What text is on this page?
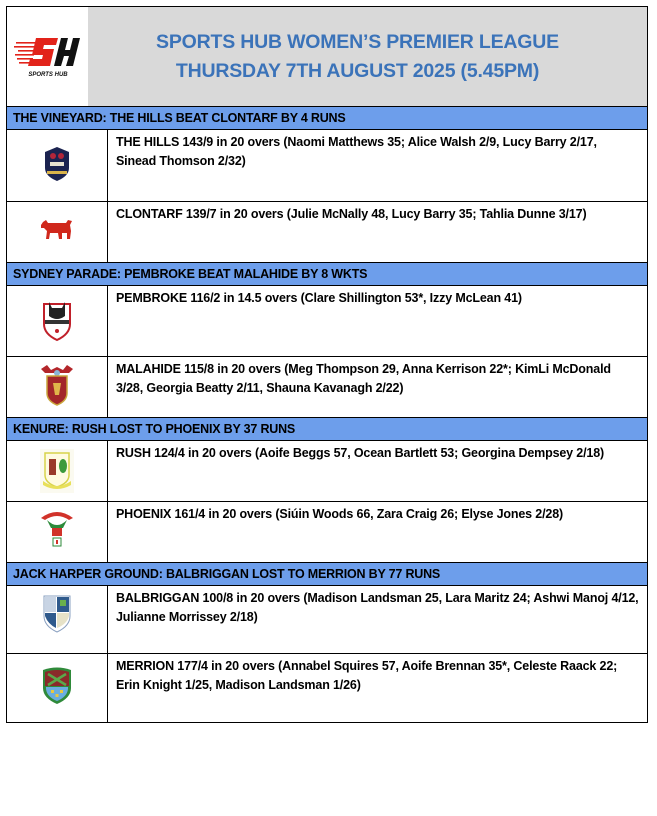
SPORTS HUB
SPORTS HUB WOMEN’S PREMIER LEAGUE
THURSDAY 7TH AUGUST 2025 (5.45PM)
THE VINEYARD: THE HILLS BEAT CLONTARF BY 4 RUNS
THE HILLS 143/9 in 20 overs (Naomi Matthews 35; Alice Walsh 2/9, Lucy Barry 2/17, Sinead Thomson 2/32)
CLONTARF 139/7 in 20 overs (Julie McNally 48, Lucy Barry 35; Tahlia Dunne 3/17)
SYDNEY PARADE: PEMBROKE BEAT MALAHIDE BY 8 WKTS
PEMBROKE 116/2 in 14.5 overs (Clare Shillington 53*, Izzy McLean 41)
MALAHIDE 115/8 in 20 overs (Meg Thompson 29, Anna Kerrison 22*; KimLi McDonald 3/28, Georgia Beatty 2/11, Shauna Kavanagh 2/22)
KENURE: RUSH LOST TO PHOENIX BY 37 RUNS
RUSH 124/4 in 20 overs (Aoife Beggs 57, Ocean Bartlett 53; Georgina Dempsey 2/18)
PHOENIX 161/4 in 20 overs (Siúin Woods 66, Zara Craig 26; Elyse Jones 2/28)
JACK HARPER GROUND: BALBRIGGAN LOST TO MERRION BY 77 RUNS
BALBRIGGAN 100/8 in 20 overs (Madison Landsman 25, Lara Maritz 24; Ashwi Manoj 4/12, Julianne Morrissey 2/18)
MERRION 177/4 in 20 overs (Annabel Squires 57, Aoife Brennan 35*, Celeste Raack 22; Erin Knight 1/25, Madison Landsman 1/26)
